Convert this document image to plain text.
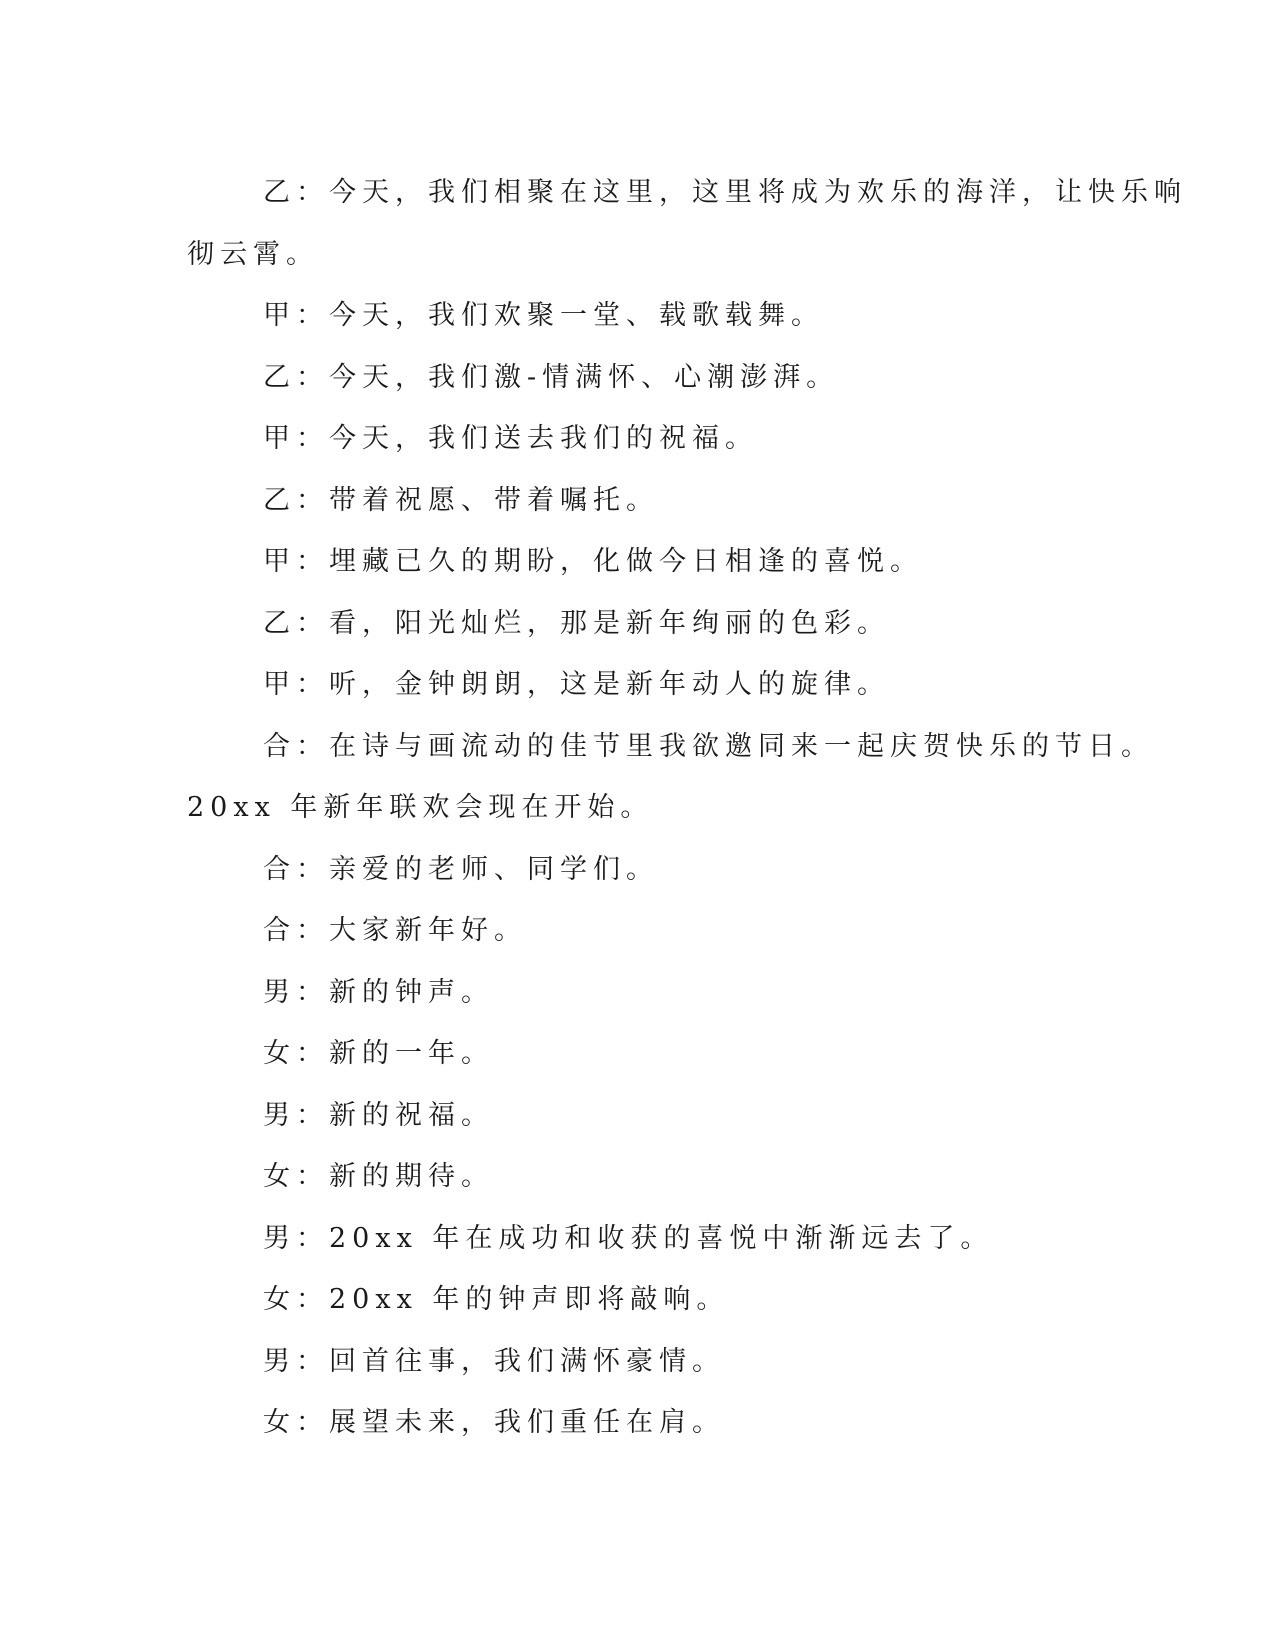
乙：今天，我们相聚在这里，这里将成为欢乐的海洋，让快乐响
彻云霄。
甲：今天，我们欢聚一堂、载歌载舞。
乙：今天，我们激-情满怀、心潮澎湃。
甲：今天，我们送去我们的祝福。
乙：带着祝愿、带着嘱托。
甲：埋藏已久的期盼，化做今日相逢的喜悦。
乙：看，阳光灿烂，那是新年绚丽的色彩。
甲：听，金钟朗朗，这是新年动人的旋律。
合：在诗与画流动的佳节里我欲邀同来一起庆贺快乐的节日。
20xx 年新年联欢会现在开始。
合：亲爱的老师、同学们。
合：大家新年好。
男：新的钟声。
女：新的一年。
男：新的祝福。
女：新的期待。
男：20xx 年在成功和收获的喜悦中渐渐远去了。
女：20xx 年的钟声即将敲响。
男：回首往事，我们满怀豪情。
女：展望未来，我们重任在肩。
